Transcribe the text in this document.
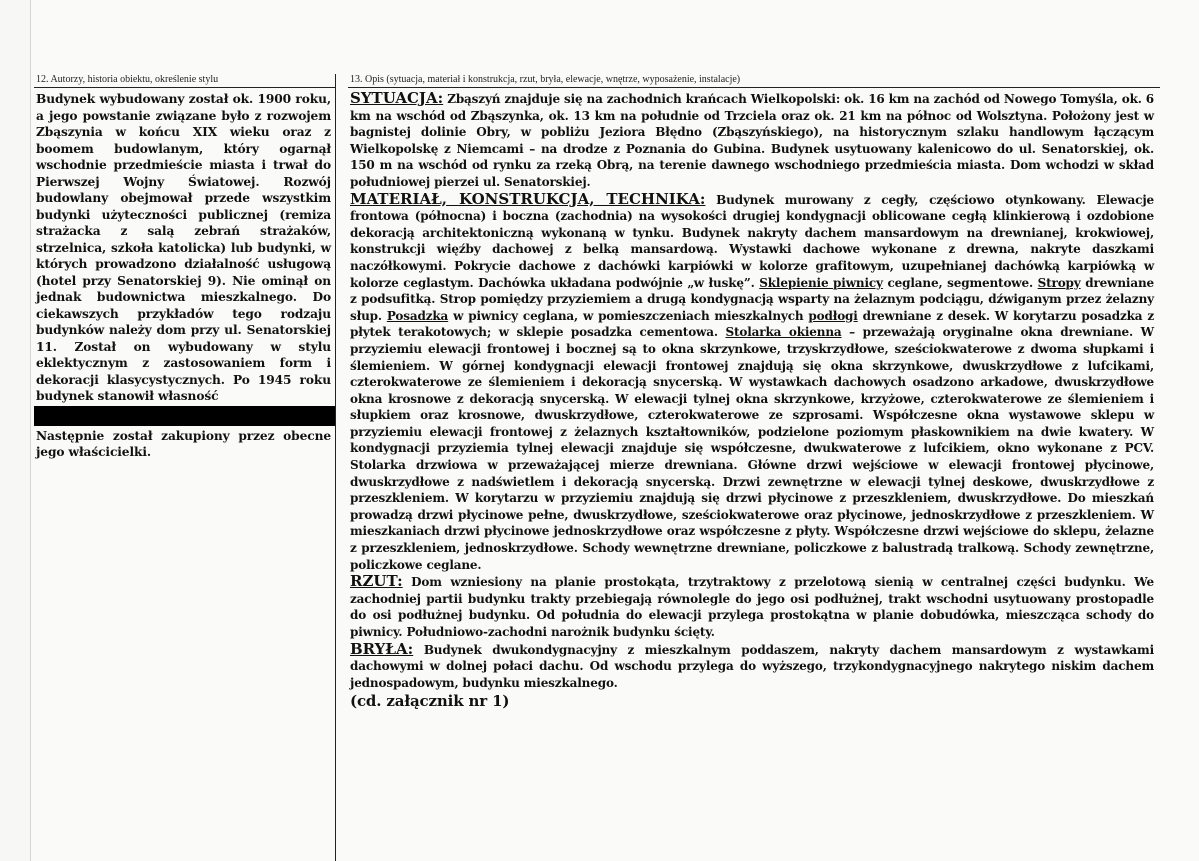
12. Autorzy, historia obiektu, określenie stylu

Budynek wybudowany został ok. 1900 roku, a jego powstanie związane było z rozwojem Zbąszynia w końcu XIX wieku oraz z boomem budowlanym, który ogarnął wschodnie przedmieście miasta i trwał do Pierwszej Wojny Światowej. Rozwój budowlany obejmował przede wszystkim budynki użyteczności publicznej (remiza strażacka z salą zebrań strażaków, strzelnica, szkoła katolicka) lub budynki, w których prowadzono działalność usługową (hotel przy Senatorskiej 9). Nie ominął on jednak budownictwa mieszkalnego. Do ciekawszych przykładów tego rodzaju budynków należy dom przy ul. Senatorskiej 11. Został on wybudowany w stylu eklektycznym z zastosowaniem form i dekoracji klasycystycznych. Po 1945 roku budynek stanowił własność

Następnie został zakupiony przez obecne jego właścicielki.

13. Opis (sytuacja, materiał i konstrukcja, rzut, bryła, elewacje, wnętrze, wyposażenie, instalacje)

SYTUACJA: Zbąszyń znajduje się na zachodnich krańcach Wielkopolski: ok. 16 km na zachód od Nowego Tomyśla, ok. 6 km na wschód od Zbąszynka, ok. 13 km na południe od Trzciela oraz ok. 21 km na północ od Wolsztyna. Położony jest w bagnistej dolinie Obry, w pobliżu Jeziora Błędno (Zbąszyńskiego), na historycznym szlaku handlowym łączącym Wielkopolskę z Niemcami – na drodze z Poznania do Gubina. Budynek usytuowany kalenicowo do ul. Senatorskiej, ok. 150 m na wschód od rynku za rzeką Obrą, na terenie dawnego wschodniego przedmieścia miasta. Dom wchodzi w skład południowej pierzei ul. Senatorskiej.

MATERIAŁ, KONSTRUKCJA, TECHNIKA: Budynek murowany z cegły, częściowo otynkowany. Elewacje frontowa (północna) i boczna (zachodnia) na wysokości drugiej kondygnacji oblicowane cegłą klinkierową i ozdobione dekoracją architektoniczną wykonaną w tynku. Budynek nakryty dachem mansardowym na drewnianej, krokwiowej, konstrukcji więźby dachowej z belką mansardową. Wystawki dachowe wykonane z drewna, nakryte daszkami naczółkowymi. Pokrycie dachowe z dachówki karpiówki w kolorze grafitowym, uzupełnianej dachówką karpiówką w kolorze ceglastym. Dachówka układana podwójnie „w łuskę”. Sklepienie piwnicy ceglane, segmentowe. Stropy drewniane z podsufitką. Strop pomiędzy przyziemiem a drugą kondygnacją wsparty na żelaznym podciągu, dźwiganym przez żelazny słup. Posadzka w piwnicy ceglana, w pomieszczeniach mieszkalnych podłogi drewniane z desek. W korytarzu posadzka z płytek terakotowych; w sklepie posadzka cementowa. Stolarka okienna – przeważają oryginalne okna drewniane. W przyziemiu elewacji frontowej i bocznej są to okna skrzynkowe, trzyskrzydłowe, sześciokwaterowe z dwoma słupkami i ślemieniem. W górnej kondygnacji elewacji frontowej znajdują się okna skrzynkowe, dwuskrzydłowe z lufcikami, czterokwaterowe ze ślemieniem i dekoracją snycerską. W wystawkach dachowych osadzono arkadowe, dwuskrzydłowe okna krosnowe z dekoracją snycerską. W elewacji tylnej okna skrzynkowe, krzyżowe, czterokwaterowe ze ślemieniem i słupkiem oraz krosnowe, dwuskrzydłowe, czterokwaterowe ze szprosami. Współczesne okna wystawowe sklepu w przyziemiu elewacji frontowej z żelaznych kształtowników, podzielone poziomym płaskownikiem na dwie kwatery. W kondygnacji przyziemia tylnej elewacji znajduje się współczesne, dwukwaterowe z lufcikiem, okno wykonane z PCV. Stolarka drzwiowa w przeważającej mierze drewniana. Główne drzwi wejściowe w elewacji frontowej płycinowe, dwuskrzydłowe z nadświetlem i dekoracją snycerską. Drzwi zewnętrzne w elewacji tylnej deskowe, dwuskrzydłowe z przeszkleniem. W korytarzu w przyziemiu znajdują się drzwi płycinowe z przeszkleniem, dwuskrzydłowe. Do mieszkań prowadzą drzwi płycinowe pełne, dwuskrzydłowe, sześciokwaterowe oraz płycinowe, jednoskrzydłowe z przeszkleniem. W mieszkaniach drzwi płycinowe jednoskrzydłowe oraz współczesne z płyty. Współczesne drzwi wejściowe do sklepu, żelazne z przeszkleniem, jednoskrzydłowe. Schody wewnętrzne drewniane, policzkowe z balustradą tralkową. Schody zewnętrzne, policzkowe ceglane.

RZUT: Dom wzniesiony na planie prostokąta, trzytraktowy z przelotową sienią w centralnej części budynku. We zachodniej partii budynku trakty przebiegają równolegle do jego osi podłużnej, trakt wschodni usytuowany prostopadle do osi podłużnej budynku. Od południa do elewacji przylega prostokątna w planie dobudówka, mieszcząca schody do piwnicy. Południowo-zachodni narożnik budynku ścięty.

BRYŁA: Budynek dwukondygnacyjny z mieszkalnym poddaszem, nakryty dachem mansardowym z wystawkami dachowymi w dolnej połaci dachu. Od wschodu przylega do wyższego, trzykondygnacyjnego nakrytego niskim dachem jednospadowym, budynku mieszkalnego.

(cd. załącznik nr 1)
